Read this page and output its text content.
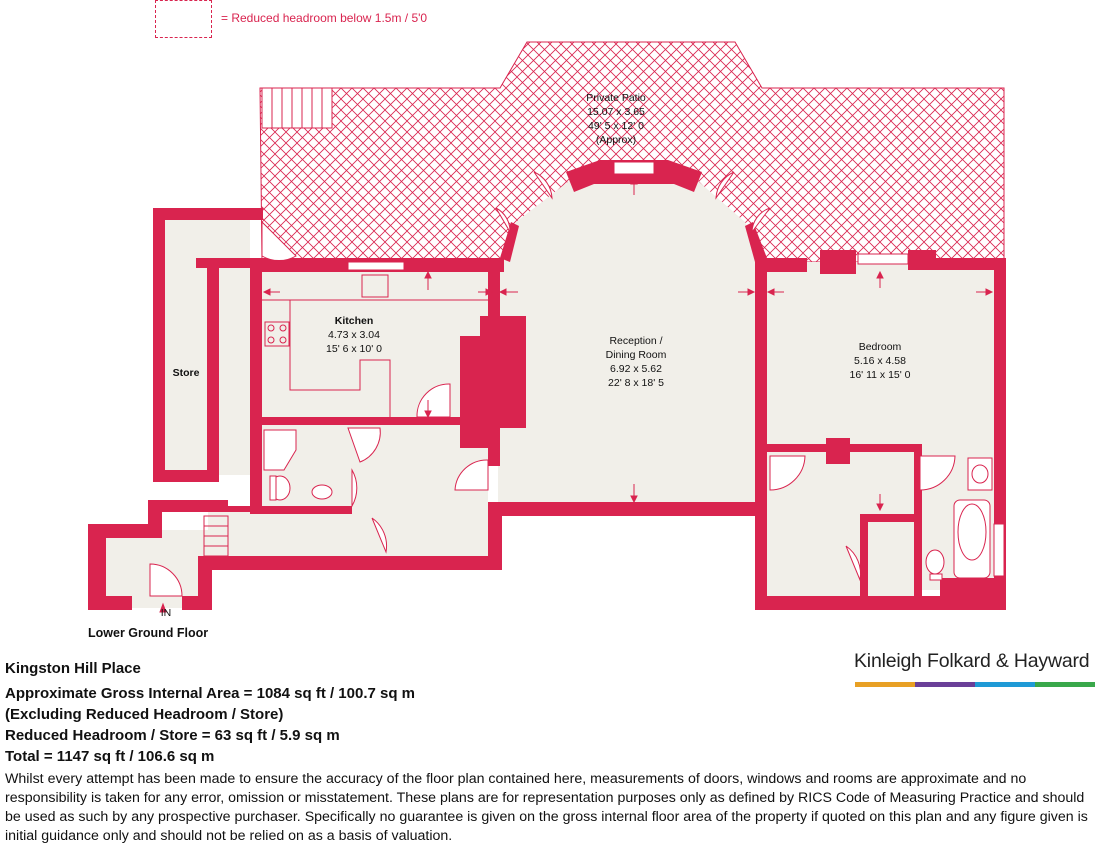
= Reduced headroom below 1.5m / 5'0
Private Patio
15.07 x 3.65
49' 5 x 12' 0
(Approx)
Kitchen
4.73 x 3.04
15' 6 x 10' 0
Reception /
Dining Room
6.92 x 5.62
22' 8 x 18' 5
Bedroom
5.16 x 4.58
16' 11 x 15' 0
Store
IN
Lower Ground Floor
Kingston Hill Place
Approximate Gross Internal Area = 1084 sq ft / 100.7 sq m
(Excluding Reduced Headroom / Store)
Reduced Headroom / Store = 63 sq ft / 5.9 sq m
Total = 1147 sq ft / 106.6 sq m
Whilst every attempt has been made to ensure the accuracy of the floor plan contained here, measurements of doors, windows and rooms are approximate and no responsibility is taken for any error, omission or misstatement. These plans are for representation purposes only as defined by RICS Code of Measuring Practice and should be used as such by any prospective purchaser. Specifically no guarantee is given on the gross internal floor area of the property if quoted on this plan and any figure given is initial guidance only and should not be relied on as a basis of valuation.
Kinleigh Folkard & Hayward
